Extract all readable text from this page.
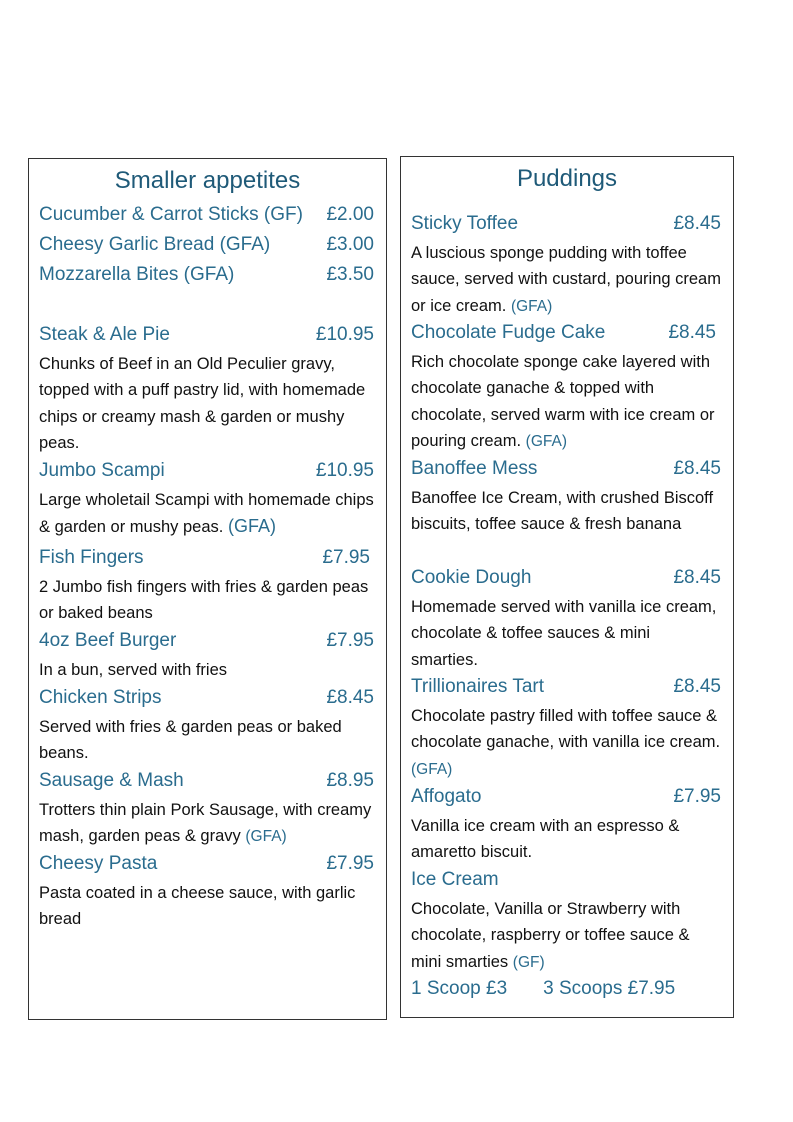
Smaller appetites
Cucumber & Carrot Sticks (GF) £2.00
Cheesy Garlic Bread (GFA)	£3.00
Mozzarella Bites (GFA)	£3.50
Steak & Ale Pie	£10.95
Chunks of Beef in an Old Peculier gravy, topped with a puff pastry lid, with homemade chips or creamy mash & garden or mushy peas.
Jumbo Scampi	£10.95
Large wholetail Scampi with homemade chips & garden or mushy peas. (GFA)
Fish Fingers	£7.95
2 Jumbo fish fingers with fries & garden peas or baked beans
4oz Beef Burger	£7.95
In a bun, served with fries
Chicken Strips	£8.45
Served with fries & garden peas or baked beans.
Sausage & Mash	£8.95
Trotters thin plain Pork Sausage, with creamy mash, garden peas & gravy (GFA)
Cheesy Pasta	£7.95
Pasta coated in a cheese sauce, with garlic bread
Puddings
Sticky Toffee	£8.45
A luscious sponge pudding with toffee sauce, served with custard, pouring cream or ice cream. (GFA)
Chocolate Fudge Cake	£8.45
Rich chocolate sponge cake layered with chocolate ganache & topped with chocolate, served warm with ice cream or pouring cream. (GFA)
Banoffee Mess	£8.45
Banoffee Ice Cream, with crushed Biscoff biscuits, toffee sauce & fresh banana
Cookie Dough	£8.45
Homemade served with vanilla ice cream, chocolate & toffee sauces & mini smarties.
Trillionaires Tart	£8.45
Chocolate pastry filled with toffee sauce & chocolate ganache, with vanilla ice cream. (GFA)
Affogato	£7.95
Vanilla ice cream with an espresso & amaretto biscuit.
Ice Cream
Chocolate, Vanilla or Strawberry with chocolate, raspberry or toffee sauce & mini smarties (GF)
1 Scoop £3 3 Scoops £7.95
